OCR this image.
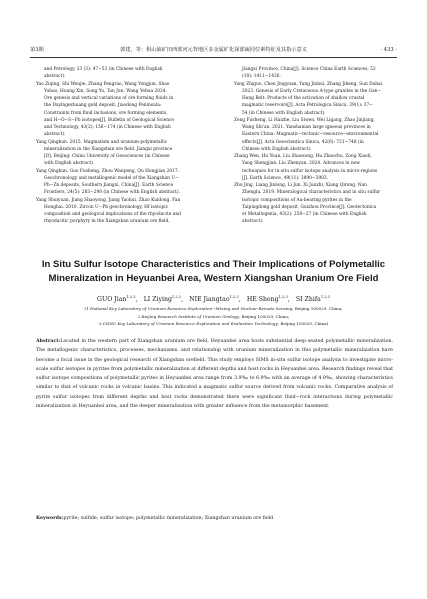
第3期	郭建，等：相山铀矿田西部河元背地区多金属矿化深部硫同位素特征及其指示意义	· 433 ·
and Petrology, 33 (3): 47−53 (in Chinese with English
abstract).
Yao Ziqing, Shi Wenjie, Zhang Pengrao, Wang Yongjun, Shao
Yuhao, Huang Xin, Song Yu, Tan Jun, Wang Yehua 2024.
Ore genesis and vertical variations of ore-forming fluids in
the Dayingezhuang gold deposit, Jiaodong Peninsula:
Constraints from fluid inclusions, ore forming elements,
and H−O−S−Pb isotopes[J]. Bulletin of Geological Science
and Technology, 43(2): 156−174 (in Chinese with English
abstract).
Yang Qingkun. 2015. Magmatism and uranium-polymetallic
mineralization in the Xiangshan ore field, Jiangxi province
[D]. Beijing: China University of Geosciences (in Chinese
with English abstract).
Yang Qingkun, Guo Fusheng, Zhou Wanpeng, Qu Hongjian 2017.
Geochronology and metallogenic model of the Xiangshan U−
Pb−Zn deposits, Southern Jiangxi, China[J]. Earth Science
Frontiers, 24(5): 283−298 (in Chinese with English abstract).
Yang Shuiyuan, Jiang Shaoyong, Jiang Yaohui, Zhao Kuidong, Fan
Honghai. 2010. Zircon U−Pb geochronology, Hf isotopic
composition and geological implications of the rhyodacite and
rhyodacitic porphyry in the Xiangshan uranium ore field,
Jiangxi Province, China[J]. Science China Earth Sciences, 53
(10): 1411−1426.
Yang Zhiguo, Chen Jingyuan, Yang Jinhui, Zhang Jiheng, Sun Dahai.
2023. Genesis of Early Cretaceous A-type granites in the Gan−
Hang Belt: Products of the activation of shallow crustal
magmatic reservoirs[J]. Acta Petrologica Sinica, 39(1): 37−
54 (in Chinese with English abstract).
Zeng Fusheng, Li Haizhe, Liu Siwen, Wei Ligang, Zhao Jinjiang,
Wang Shi'an. 2021. Yanshanian large igneous provinces in
Eastern China: Magmatic−tectonic−resource−environmental
effects[J]. Acta Geoscientica Sinica, 42(6): 721−748 (in
Chinese with English abstract).
Zhang Wen, Hu Yuan, Liu Shaosong, Hu Zhaochu, Zong Xiaoli,
Yang Shengjian, Liu Zhenyan. 2024. Advances in new
techniques for in-situ sulfur isotope analysis in micro-regions
[J]. Earth Science, 49(11): 3890−3903.
Zhu Jing, Liang Jinlong, Li Jun, Xi Junzhi, Xiang Qirong, Nan
Zhenglu. 2019. Mineralogical characteristics and in situ sulfur
isotopic compositions of Au-bearing pyrites in the
Taipingdong gold deposit, Guizhou Province[J]. Geotectonica
et Metallogenia, 43(2): 258−27 (in Chinese with English
abstract).
In Situ Sulfur Isotope Characteristics and Their Implications of Polymetallic
Mineralization in Heyuanbei Area, Western Xiangshan Uranium Ore Field
GUO Jian$^{1,2,3}$, LI Ziying$^{1,2,3}$, NIE Jiangtao$^{1,2,3}$, HE Sheng$^{1,2,3}$, SI Zhifa$^{1,2,3}$
(1.National Key Laboratory of Uranium Resource Exploration−Mining and Nuclear Remote Sensing, Beijing 100029, China;
2.Beijing Research Institute of Uranium Geology, Beijing 100029, China;
3.CNNC Key Laboratory of Uranium Resource Exploration and Evaluation Technology, Beijing 100029, China)
Abstract:Located in the western part of Xiangshan uranium ore field, Heyuanbei area hosts substantial deep-seated polymetallic mineralization. The metallogenic characteristics, processes, mechanisms, and relationship with uranium mineralization in this polymetallic mineralization have become a focal issue in the geological research of Xiangshan orefield. This study employs SIMS in-situ sulfur isotope analysis to investigate micro-scale sulfur isotopes in pyrites from polymetallic mineralization at different depths and host rocks in Heyuanbei area. Research findings reveal that sulfur isotope compositions of polymetallic pyrites in Heyuanbei area range from 3.9‰ to 6.9‰ with an average of 4.9‰, showing characteristics similar to that of volcanic rocks in volcanic basins. This indicated a magmatic sulfur source derived from volcanic rocks. Comparative analysis of pyrite sulfur isotopes from different depths and host rocks demonstrated there were significant fluid−rock interactions during polymetallic mineralization in Heyuanbei area, and the deeper mineralization with greater influence from the metamorphic basement.
Keywords:pyrite; sulfide; sulfur isotope; polymetallic mineralization; Xiangshan uranium ore field
